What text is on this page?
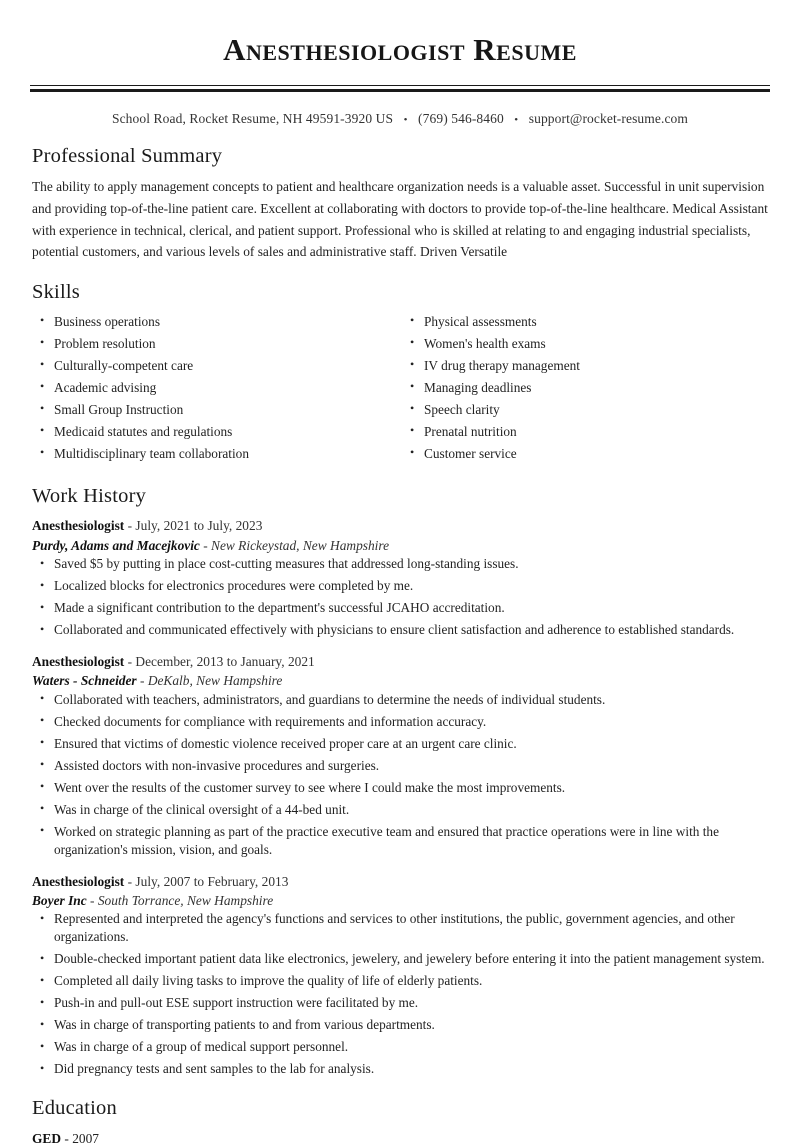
Anesthesiologist Resume
School Road, Rocket Resume, NH 49591-3920 US • (769) 546-8460 • support@rocket-resume.com
Professional Summary

The ability to apply management concepts to patient and healthcare organization needs is a valuable asset. Successful in unit supervision and providing top-of-the-line patient care. Excellent at collaborating with doctors to provide top-of-the-line healthcare. Medical Assistant with experience in technical, clerical, and patient support. Professional who is skilled at relating to and engaging industrial specialists, potential customers, and various levels of sales and administrative staff. Driven Versatile

Skills
• Business operations
• Problem resolution
• Culturally-competent care
• Academic advising
• Small Group Instruction
• Medicaid statutes and regulations
• Multidisciplinary team collaboration
• Physical assessments
• Women's health exams
• IV drug therapy management
• Managing deadlines
• Speech clarity
• Prenatal nutrition
• Customer service
Work History

Anesthesiologist - July, 2021 to July, 2023

Purdy, Adams and Macejkovic - New Rickeystad, New Hampshire

• Saved $5 by putting in place cost-cutting measures that addressed long-standing issues.
• Localized blocks for electronics procedures were completed by me.
• Made a significant contribution to the department's successful JCAHO accreditation.
• Collaborated and communicated effectively with physicians to ensure client satisfaction and adherence to established standards.

Anesthesiologist - December, 2013 to January, 2021

Waters - Schneider - DeKalb, New Hampshire

• Collaborated with teachers, administrators, and guardians to determine the needs of individual students.
• Checked documents for compliance with requirements and information accuracy.
• Ensured that victims of domestic violence received proper care at an urgent care clinic.
• Assisted doctors with non-invasive procedures and surgeries.
• Went over the results of the customer survey to see where I could make the most improvements.
• Was in charge of the clinical oversight of a 44-bed unit.
• Worked on strategic planning as part of the practice executive team and ensured that practice operations were in line with the organization's mission, vision, and goals.

Anesthesiologist - July, 2007 to February, 2013

Boyer Inc - South Torrance, New Hampshire

• Represented and interpreted the agency's functions and services to other institutions, the public, government agencies, and other organizations.
• Double-checked important patient data like electronics, jewelery, and jewelery before entering it into the patient management system.
• Completed all daily living tasks to improve the quality of life of elderly patients.
• Push-in and pull-out ESE support instruction were facilitated by me.
• Was in charge of transporting patients to and from various departments.
• Was in charge of a group of medical support personnel.
• Did pregnancy tests and sent samples to the lab for analysis.
Education

GED - 2007
